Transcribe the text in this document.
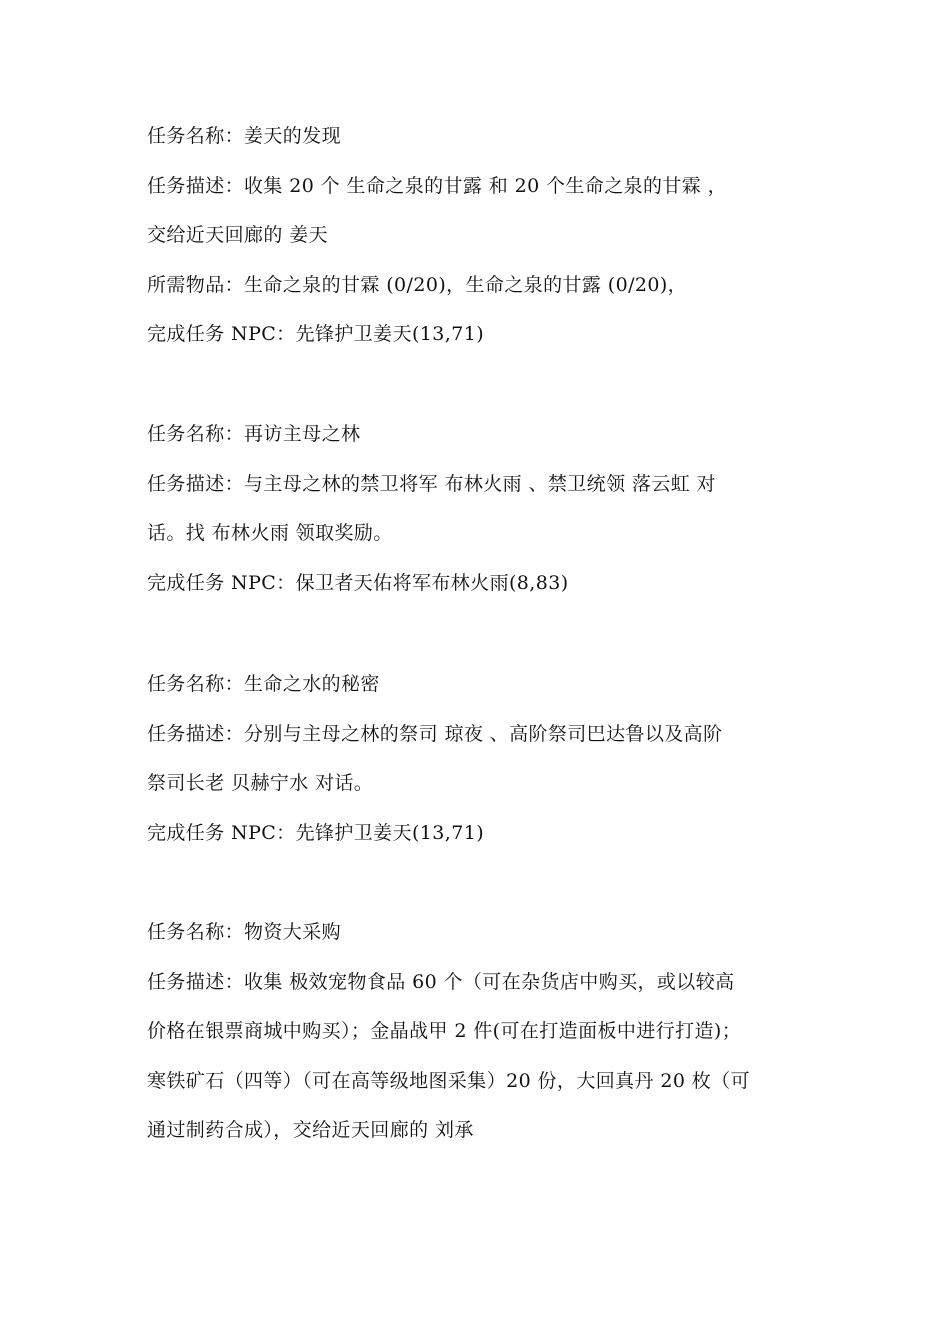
任务名称：姜天的发现
任务描述：收集 20 个 生命之泉的甘露 和 20 个生命之泉的甘霖 ，
交给近天回廊的 姜天
所需物品：生命之泉的甘霖 (0/20)，生命之泉的甘露 (0/20)，
完成任务 NPC：先锋护卫姜天(13,71)
任务名称：再访主母之林
任务描述：与主母之林的禁卫将军 布林火雨 、禁卫统领 落云虹 对
话。找 布林火雨 领取奖励。
完成任务 NPC：保卫者天佑将军布林火雨(8,83)
任务名称：生命之水的秘密
任务描述：分别与主母之林的祭司 琼夜 、高阶祭司巴达鲁以及高阶
祭司长老 贝赫宁水 对话。
完成任务 NPC：先锋护卫姜天(13,71)
任务名称：物资大采购
任务描述：收集 极效宠物食品 60 个（可在杂货店中购买，或以较高
价格在银票商城中购买）；金晶战甲 2 件(可在打造面板中进行打造)；
寒铁矿石（四等）（可在高等级地图采集）20 份，大回真丹 20 枚（可
通过制药合成），交给近天回廊的 刘承
